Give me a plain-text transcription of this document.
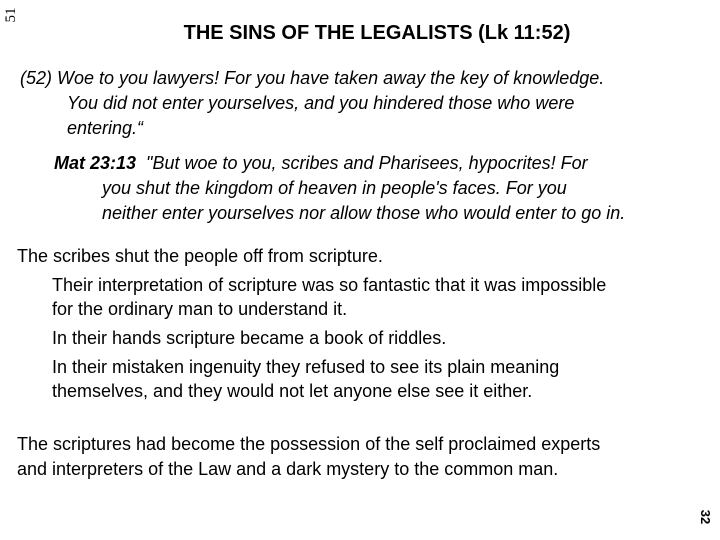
51
THE SINS OF THE LEGALISTS (Lk 11:52)
(52) Woe to you lawyers! For you have taken away the key of knowledge.
You did not enter yourselves, and you hindered those who were
entering.“
Mat 23:13  "But woe to you, scribes and Pharisees, hypocrites! For
you shut the kingdom of heaven in people's faces. For you
neither enter yourselves nor allow those who would enter to go in.
The scribes shut the people off from scripture.
Their interpretation of scripture was so fantastic that it was impossible
for the ordinary man to understand it.
In their hands scripture became a book of riddles.
In their mistaken ingenuity they refused to see its plain meaning
themselves, and they would not let anyone else see it either.
The scriptures had become the possession of the self proclaimed experts
and interpreters of the Law and a dark mystery to the common man.
32
